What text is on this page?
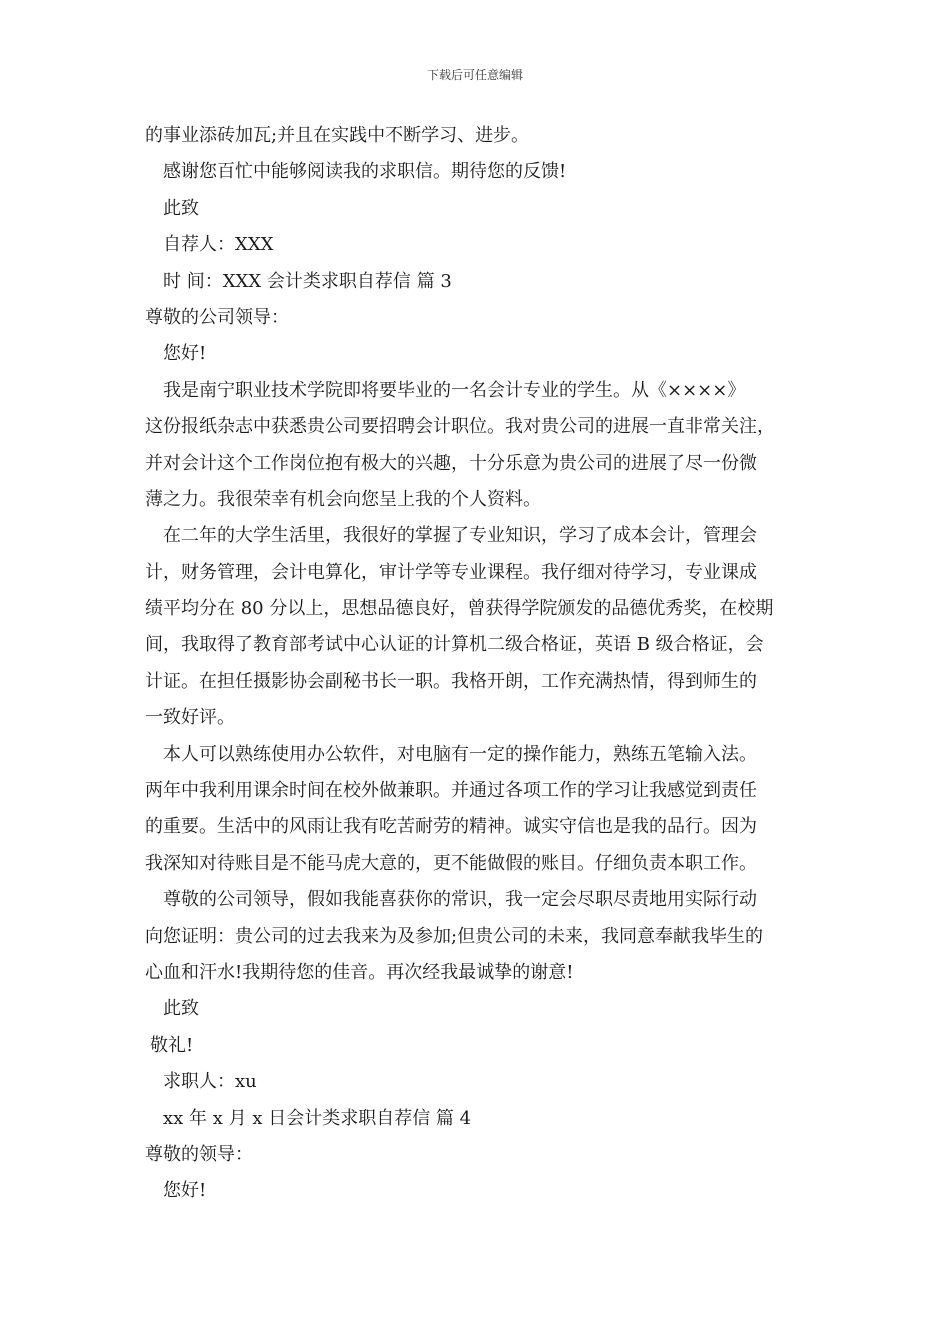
下载后可任意编辑
的事业添砖加瓦;并且在实践中不断学习、进步。
感谢您百忙中能够阅读我的求职信。期待您的反馈!
此致
自荐人：XXX
时 间：XXX 会计类求职自荐信 篇 3
尊敬的公司领导：
您好!
我是南宁职业技术学院即将要毕业的一名会计专业的学生。从《××××》
这份报纸杂志中获悉贵公司要招聘会计职位。我对贵公司的进展一直非常关注，
并对会计这个工作岗位抱有极大的兴趣，十分乐意为贵公司的进展了尽一份微
薄之力。我很荣幸有机会向您呈上我的个人资料。
在二年的大学生活里，我很好的掌握了专业知识，学习了成本会计，管理会
计，财务管理，会计电算化，审计学等专业课程。我仔细对待学习，专业课成
绩平均分在 80 分以上，思想品德良好，曾获得学院颁发的品德优秀奖，在校期
间，我取得了教育部考试中心认证的计算机二级合格证，英语 B 级合格证，会
计证。在担任摄影协会副秘书长一职。我格开朗，工作充满热情，得到师生的
一致好评。
本人可以熟练使用办公软件，对电脑有一定的操作能力，熟练五笔输入法。
两年中我利用课余时间在校外做兼职。并通过各项工作的学习让我感觉到责任
的重要。生活中的风雨让我有吃苦耐劳的精神。诚实守信也是我的品行。因为
我深知对待账目是不能马虎大意的，更不能做假的账目。仔细负责本职工作。
尊敬的公司领导，假如我能喜获你的常识，我一定会尽职尽责地用实际行动
向您证明：贵公司的过去我来为及参加;但贵公司的未来，我同意奉献我毕生的
心血和汗水!我期待您的佳音。再次经我最诚挚的谢意!
此致
敬礼!
求职人：xu
xx 年 x 月 x 日会计类求职自荐信 篇 4
尊敬的领导：
您好!
